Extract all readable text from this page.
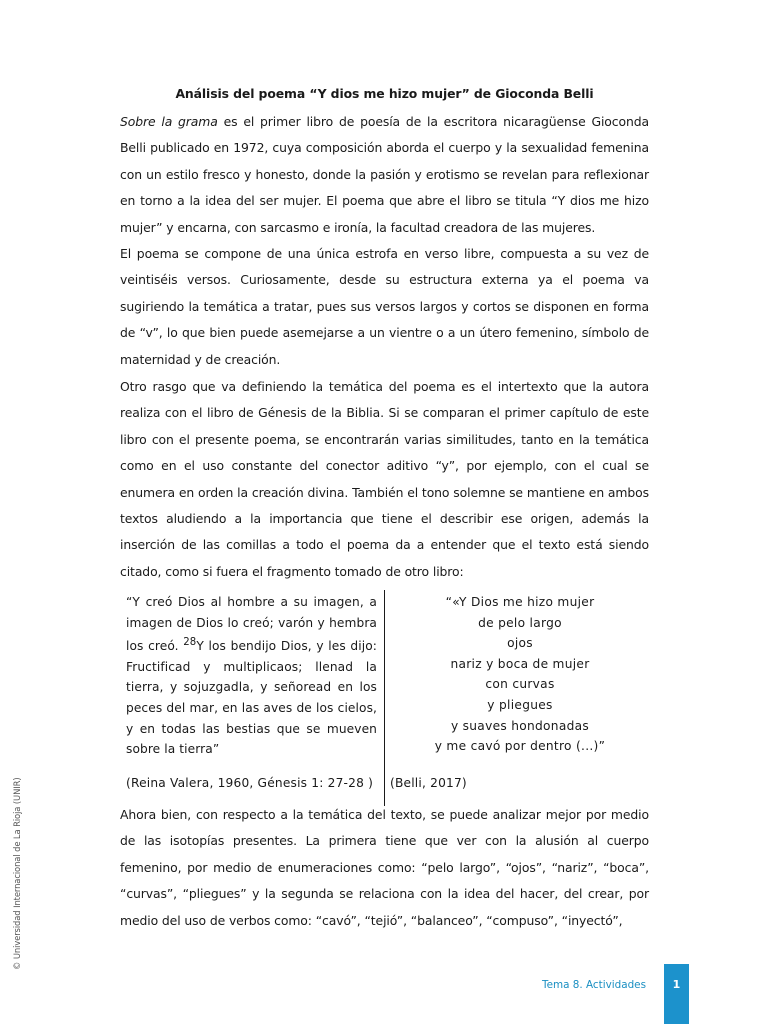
Análisis del poema “Y dios me hizo mujer” de Gioconda Belli

Sobre la grama es el primer libro de poesía de la escritora nicaragüense Gioconda Belli publicado en 1972, cuya composición aborda el cuerpo y la sexualidad femenina con un estilo fresco y honesto, donde la pasión y erotismo se revelan para reflexionar en torno a la idea del ser mujer. El poema que abre el libro se titula “Y dios me hizo mujer” y encarna, con sarcasmo e ironía, la facultad creadora de las mujeres.

El poema se compone de una única estrofa en verso libre, compuesta a su vez de veintiséis versos. Curiosamente, desde su estructura externa ya el poema va sugiriendo la temática a tratar, pues sus versos largos y cortos se disponen en forma de “v”, lo que bien puede asemejarse a un vientre o a un útero femenino, símbolo de maternidad y de creación.

Otro rasgo que va definiendo la temática del poema es el intertexto que la autora realiza con el libro de Génesis de la Biblia. Si se comparan el primer capítulo de este libro con el presente poema, se encontrarán varias similitudes, tanto en la temática como en el uso constante del conector aditivo “y”, por ejemplo, con el cual se enumera en orden la creación divina. También el tono solemne se mantiene en ambos textos aludiendo a la importancia que tiene el describir ese origen, además la inserción de las comillas a todo el poema da a entender que el texto está siendo citado, como si fuera el fragmento tomado de otro libro:

“Y creó Dios al hombre a su imagen, a imagen de Dios lo creó; varón y hembra los creó. $^{28}$Y los bendijo Dios, y les dijo: Fructificad y multiplicaos; llenad la tierra, y sojuzgadla, y señoread en los peces del mar, en las aves de los cielos, y en todas las bestias que se mueven sobre la tierra”
“«Y Dios me hizo mujer
de pelo largo
ojos
nariz y boca de mujer
con curvas
y pliegues
y suaves hondonadas
y me cavó por dentro (...)”
(Reina Valera, 1960, Génesis 1: 27-28 ) (Belli, 2017)

Ahora bien, con respecto a la temática del texto, se puede analizar mejor por medio de las isotopías presentes. La primera tiene que ver con la alusión al cuerpo femenino, por medio de enumeraciones como: “pelo largo”, “ojos”, “nariz”, “boca”, “curvas”, “pliegues” y la segunda se relaciona con la idea del hacer, del crear, por medio del uso de verbos como: “cavó”, “tejió”, “balanceo”, “compuso”, “inyectó”,

© Universidad Internacional de La Rioja (UNIR)
Tema 8. Actividades	1
